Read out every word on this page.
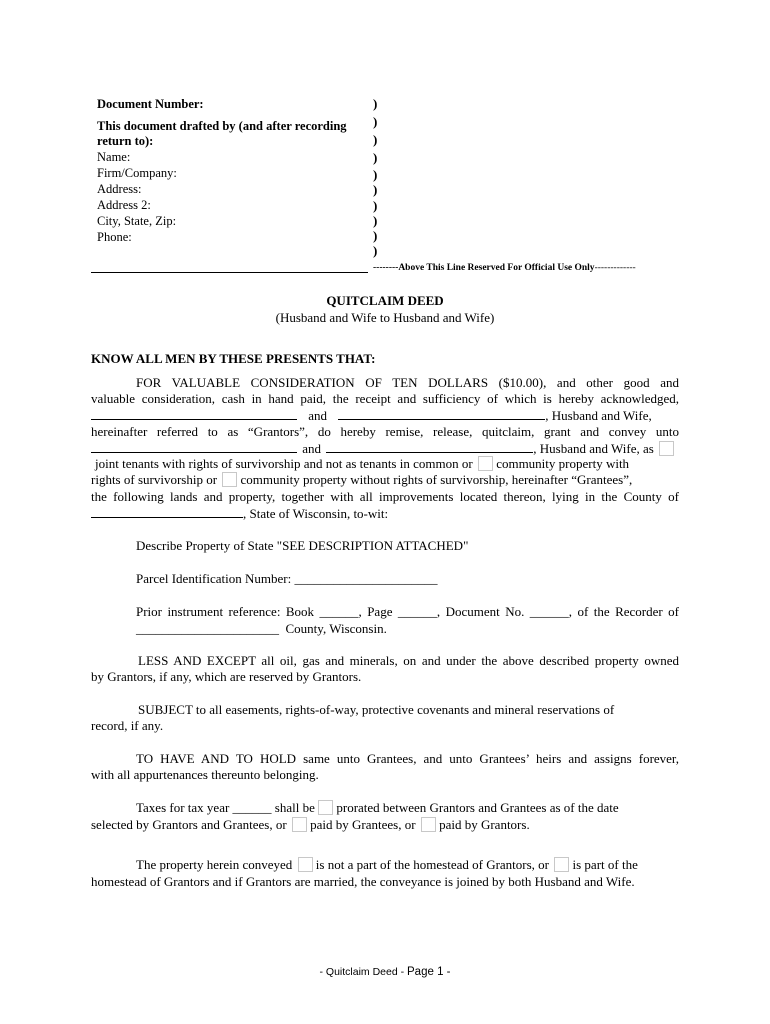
Document Number:
This document drafted by (and after recording
return to):
Name:
Firm/Company:
Address:
Address 2:
City, State, Zip:
Phone:
)
)
)
)
)
)
)
)
)
)
--------Above This Line Reserved For Official Use Only-------------
QUITCLAIM DEED
(Husband and Wife to Husband and Wife)
KNOW ALL MEN BY THESE PRESENTS THAT:
FOR VALUABLE CONSIDERATION OF TEN DOLLARS ($10.00), and other good and
valuable consideration, cash in hand paid, the receipt and sufficiency of which is hereby acknowledged,
and	, Husband and Wife,
hereinafter referred to as “Grantors”, do hereby remise, release, quitclaim, grant and convey unto
and	, Husband and Wife, as
joint tenants with rights of survivorship and not as tenants in common or community property with
rights of survivorship or community property without rights of survivorship, hereinafter “Grantees”,
the following lands and property, together with all improvements located thereon, lying in the County of
, State of Wisconsin, to-wit:
Describe Property of State "SEE DESCRIPTION ATTACHED"
Parcel Identification Number: ______________________
Prior instrument reference: Book ______, Page ______, Document No. ______, of the Recorder of
______________________  County, Wisconsin.
LESS AND EXCEPT all oil, gas and minerals, on and under the above described property owned
by Grantors, if any, which are reserved by Grantors.
SUBJECT to all easements, rights-of-way, protective covenants and mineral reservations of
record, if any.
TO HAVE AND TO HOLD same unto Grantees, and unto Grantees’ heirs and assigns forever,
with all appurtenances thereunto belonging.
Taxes for tax year ______ shall be prorated between Grantors and Grantees as of the date
selected by Grantors and Grantees, or paid by Grantees, or paid by Grantors.
The property herein conveyed is not a part of the homestead of Grantors, or is part of the
homestead of Grantors and if Grantors are married, the conveyance is joined by both Husband and Wife.
- Quitclaim Deed - Page 1 -
